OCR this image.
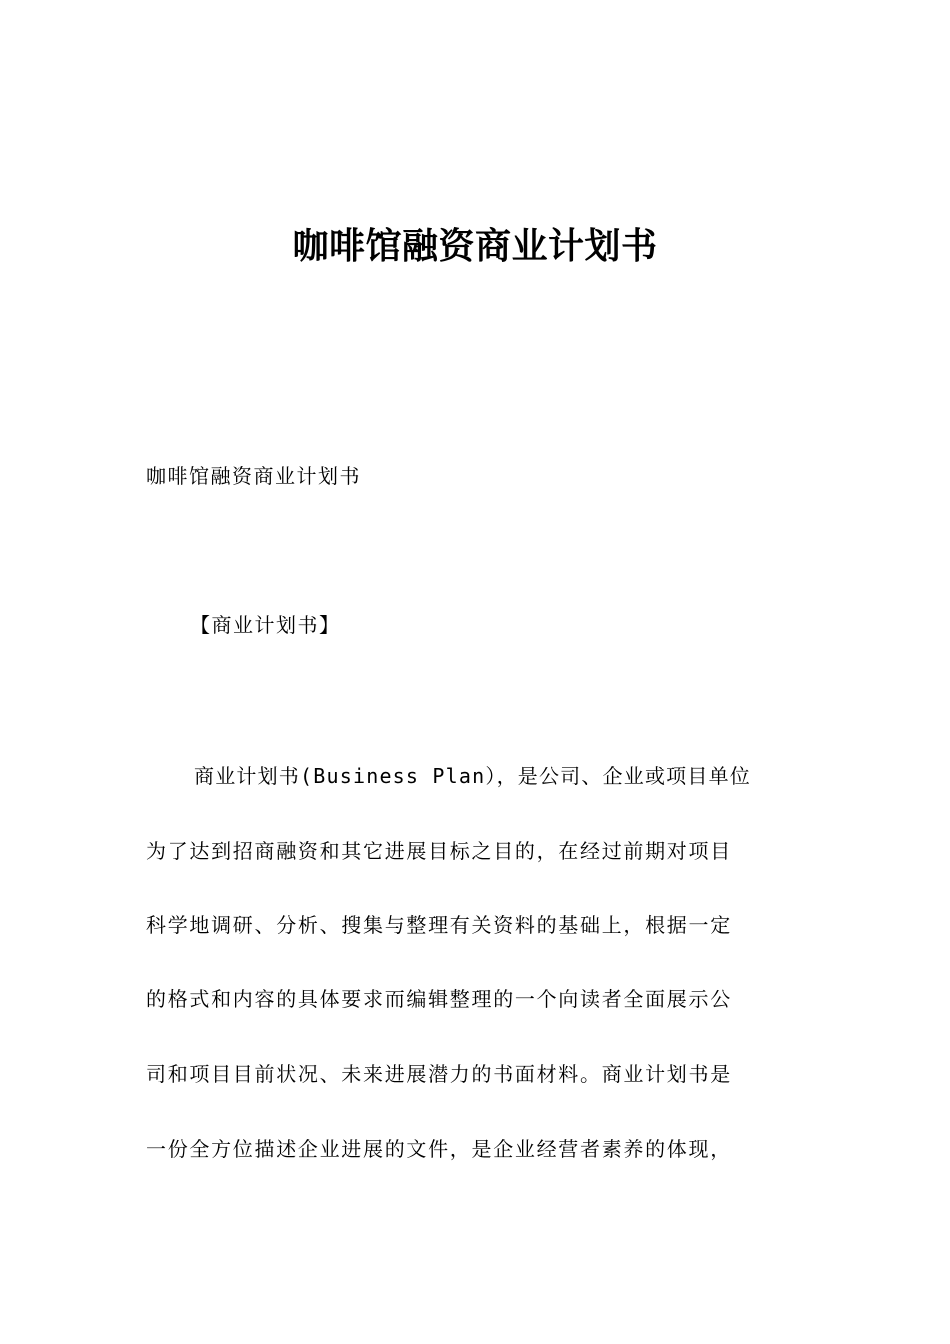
咖啡馆融资商业计划书
咖啡馆融资商业计划书
【商业计划书】
商业计划书(Business Plan），是公司、企业或项目单位
为了达到招商融资和其它进展目标之目的，在经过前期对项目
科学地调研、分析、搜集与整理有关资料的基础上，根据一定
的格式和内容的具体要求而编辑整理的一个向读者全面展示公
司和项目目前状况、未来进展潜力的书面材料。商业计划书是
一份全方位描述企业进展的文件，是企业经营者素养的体现，
